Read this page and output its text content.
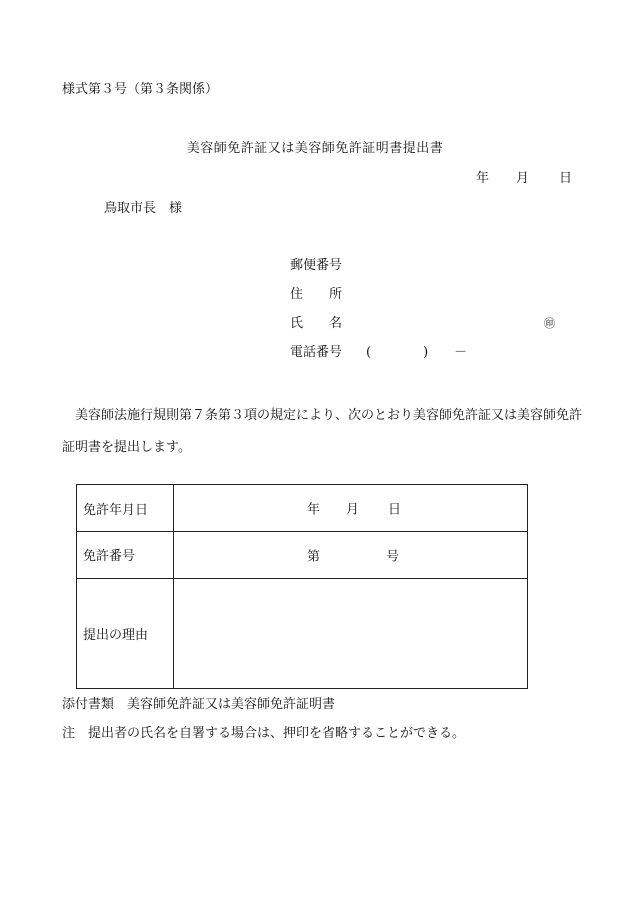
様式第３号（第３条関係）
美容師免許証又は美容師免許証明書提出書
年 月 日
鳥取市長　様
郵便番号
住　　所
氏　　名	㊞
電話番号 (　　　　)　　－
美容師法施行規則第７条第３項の規定により、次のとおり美容師免許証又は美容師免許証明書を提出します。
免許年月日	年 月 日
免許番号	第	号
提出の理由
添付書類　美容師免許証又は美容師免許証明書
注　提出者の氏名を自署する場合は、押印を省略することができる。
